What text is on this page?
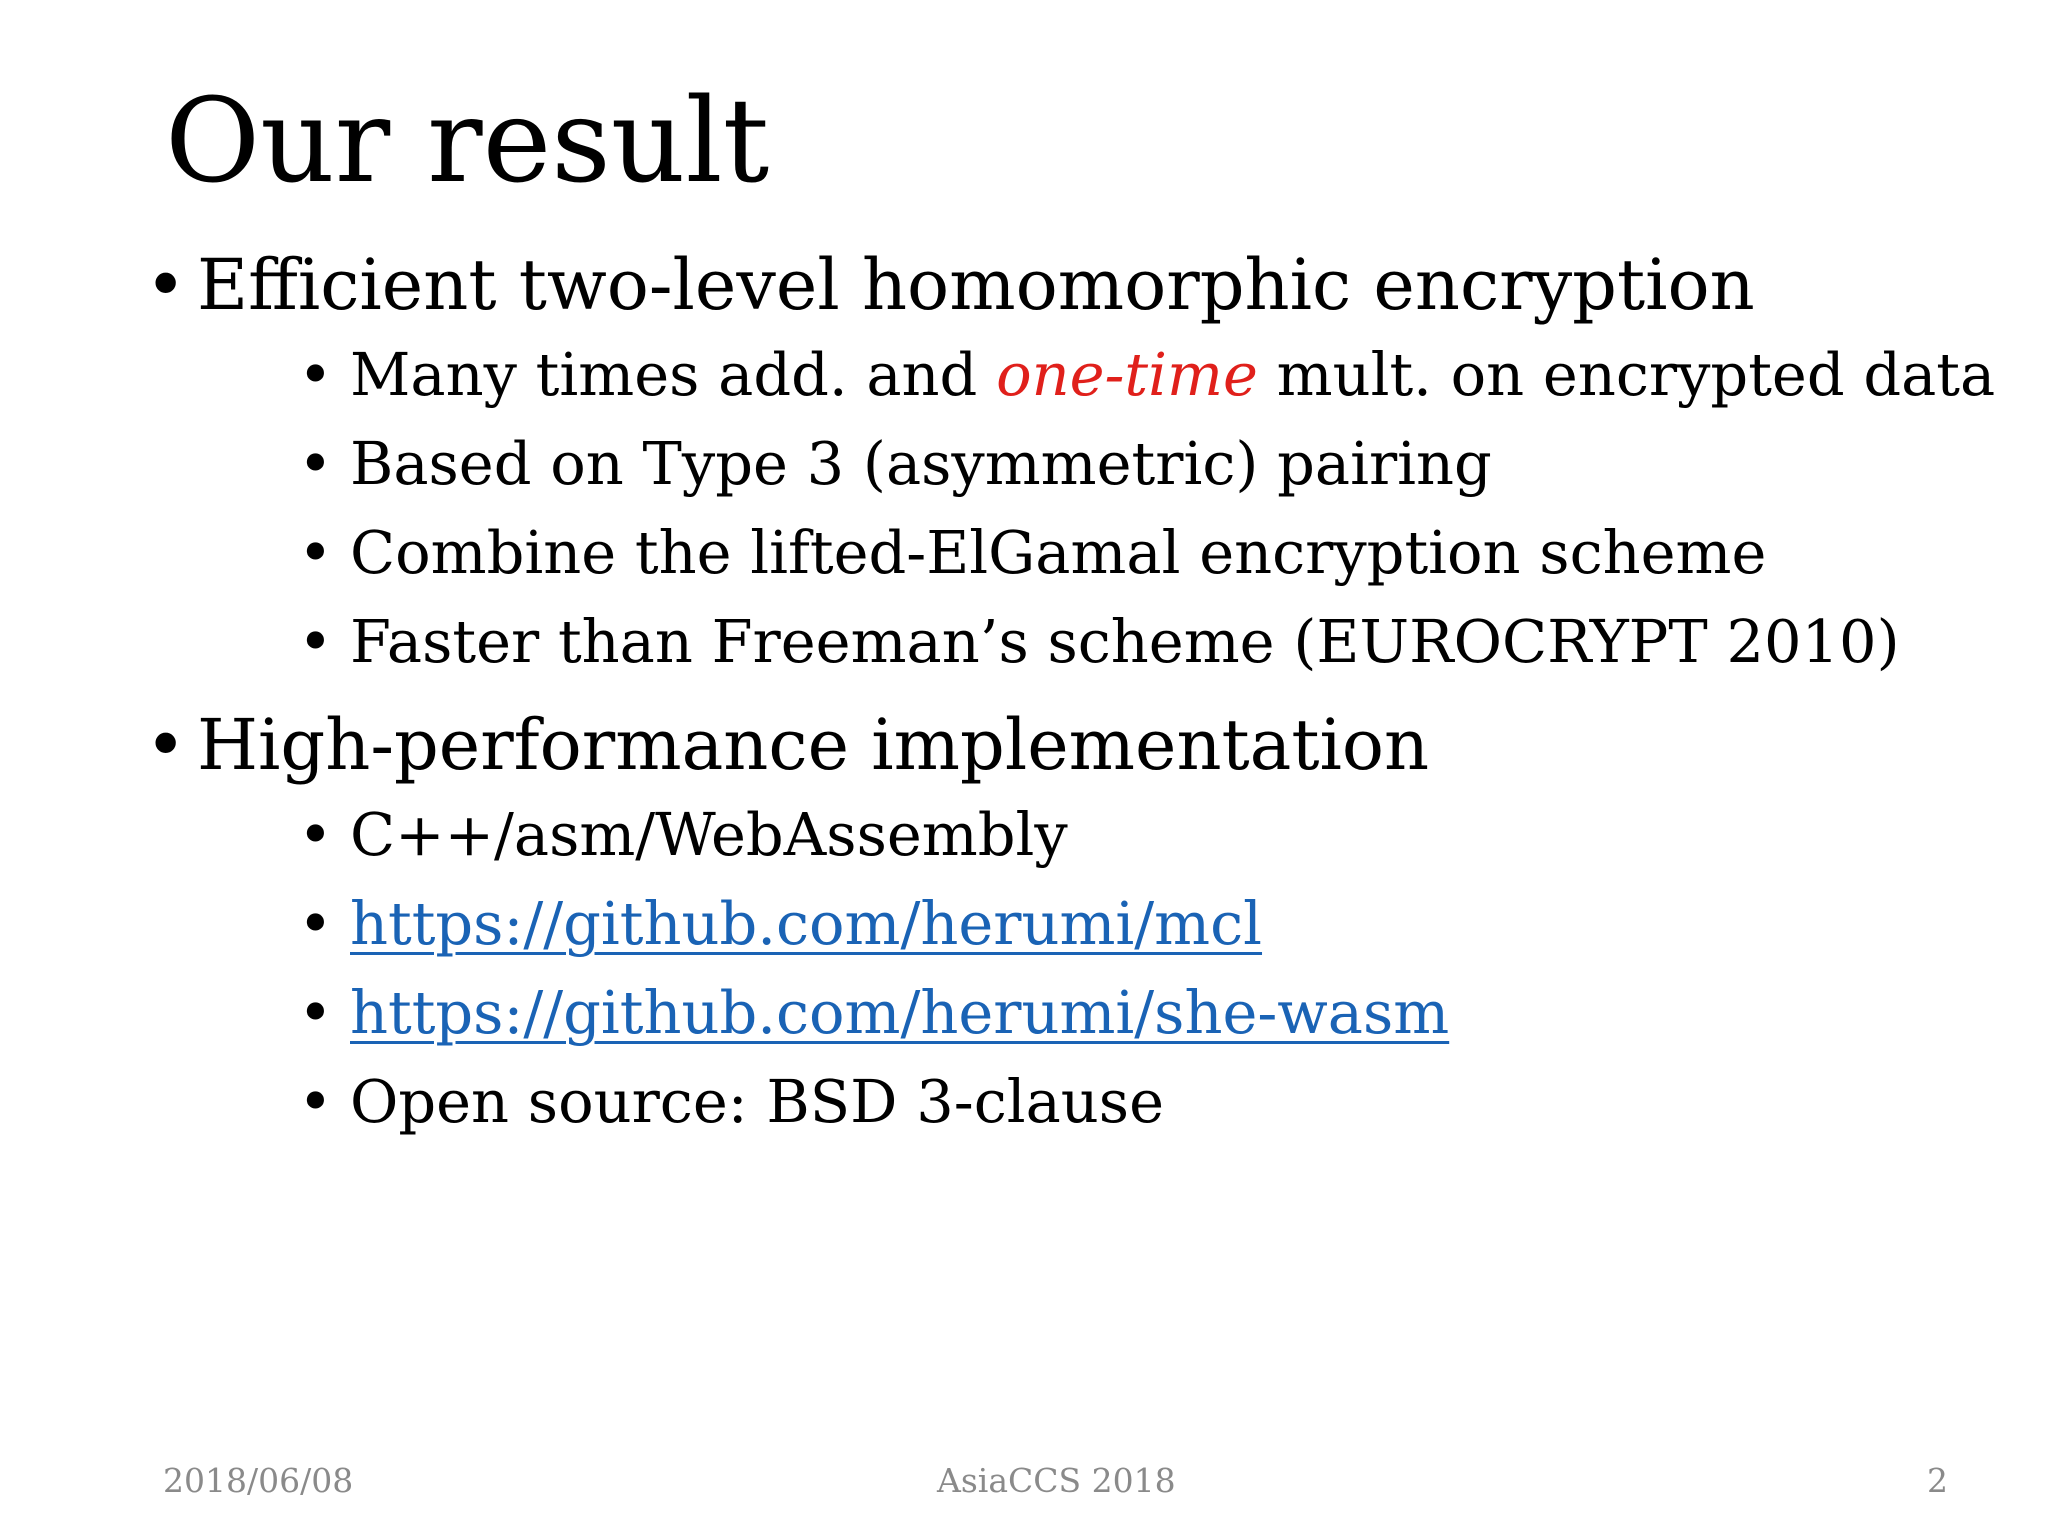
Our result
• Efficient two-level homomorphic encryption
• Many times add. and one-time mult. on encrypted data
• Based on Type 3 (asymmetric) pairing
• Combine the lifted-ElGamal encryption scheme
• Faster than Freeman’s scheme (EUROCRYPT 2010)
• High-performance implementation
• C++/asm/WebAssembly
• https://github.com/herumi/mcl
• https://github.com/herumi/she-wasm
• Open source: BSD 3-clause
2018/06/08	AsiaCCS 2018	2
